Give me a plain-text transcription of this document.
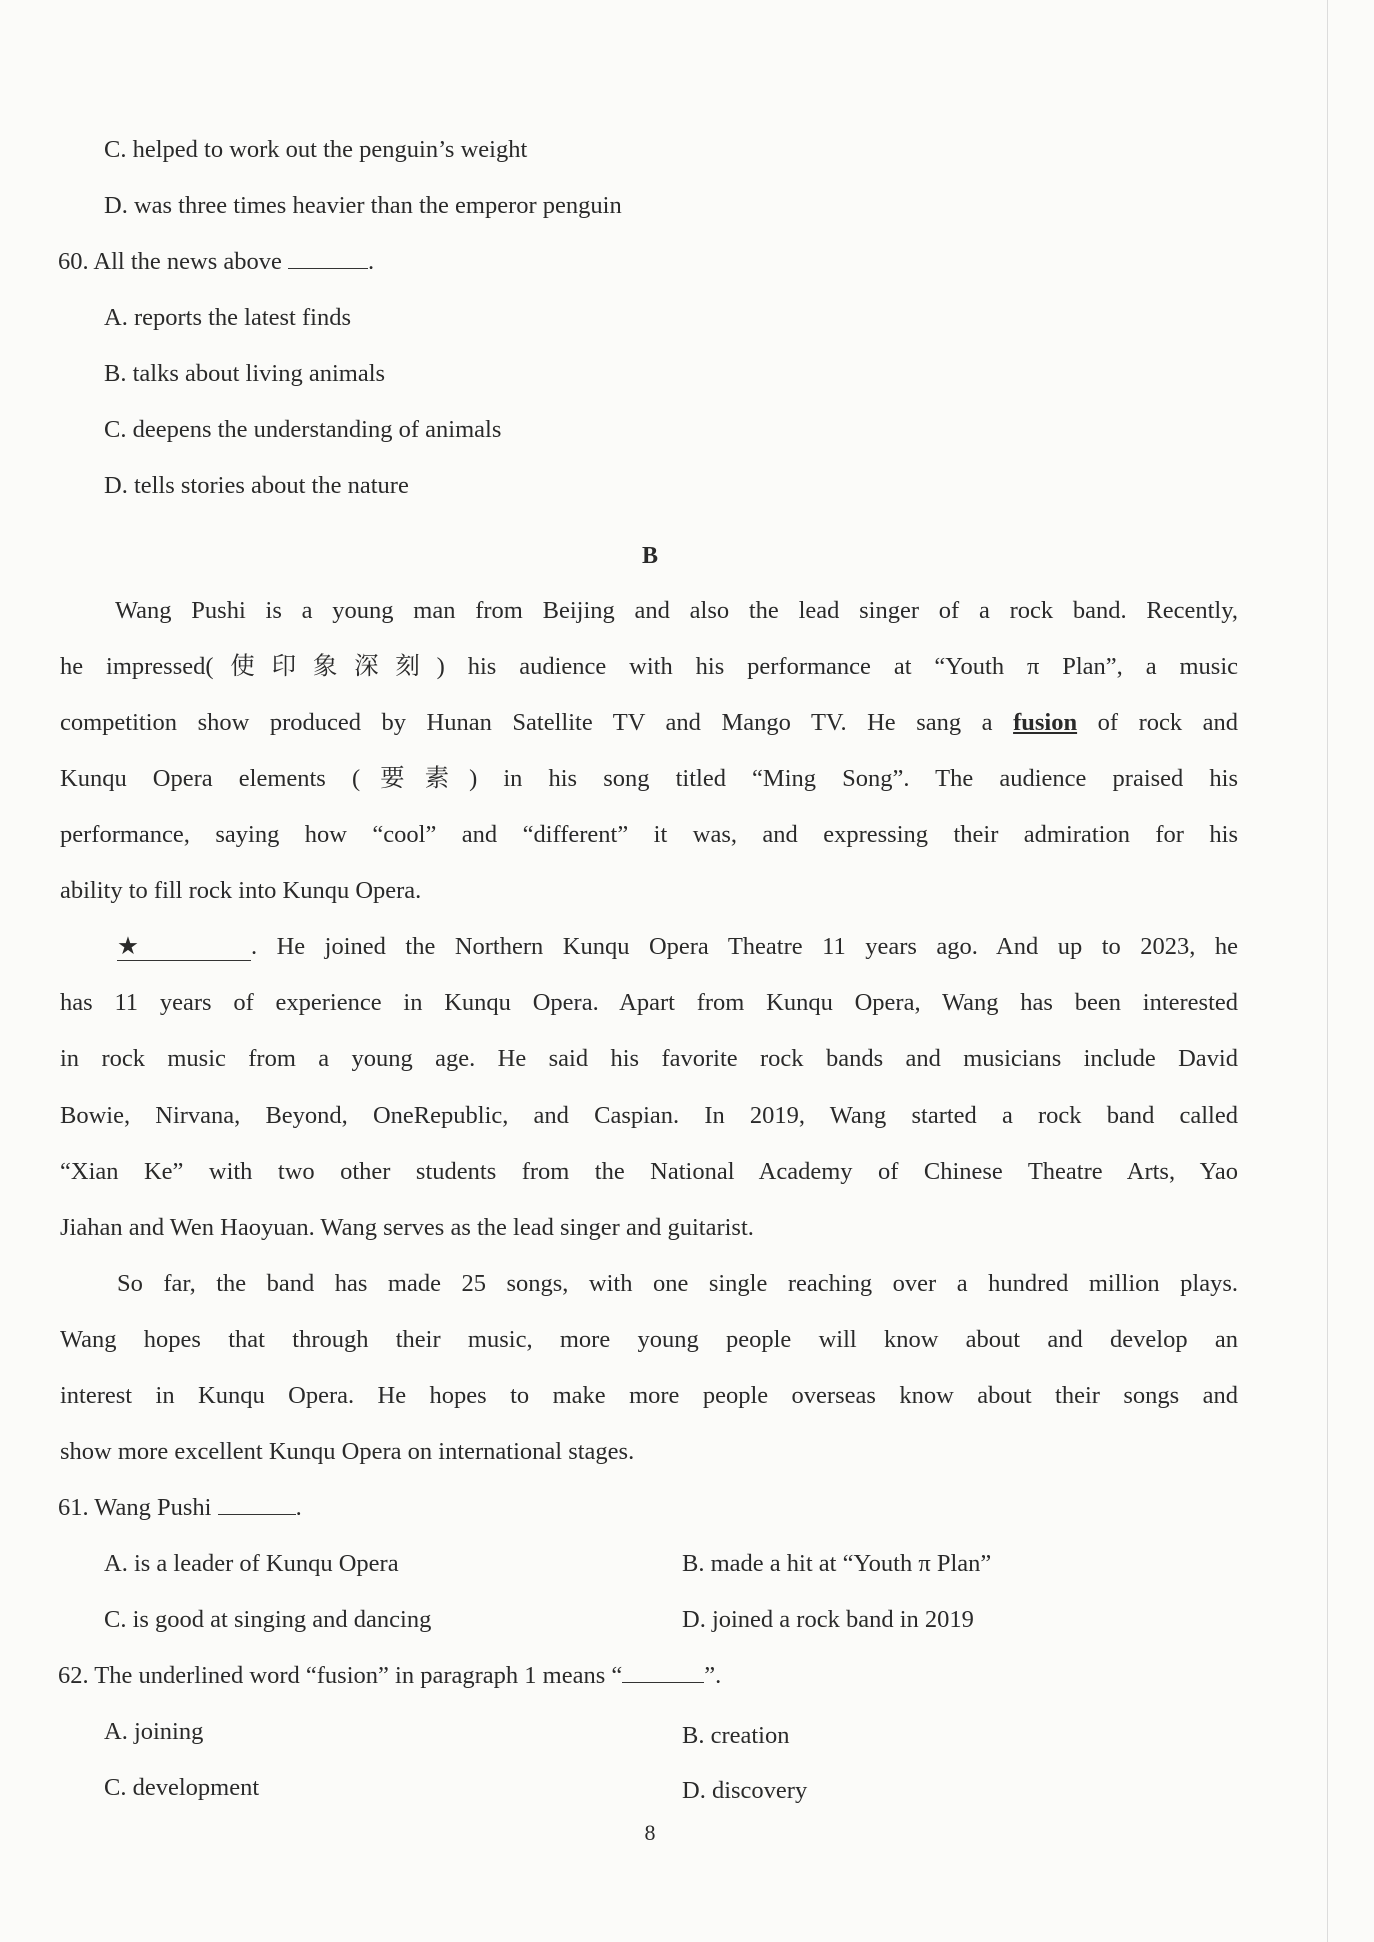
C. helped to work out the penguin’s weight
D. was three times heavier than the emperor penguin
60. All the news above	.
A. reports the latest finds
B. talks about living animals
C. deepens the understanding of animals
D. tells stories about the nature
B
Wang Pushi is a young man from Beijing and also the lead singer of a rock band. Recently,
he impressed(使印象深刻) his audience with his performance at “Youth π Plan”, a music
competition show produced by Hunan Satellite TV and Mango TV. He sang a fusion of rock and
Kunqu Opera elements (要素) in his song titled “Ming Song”. The audience praised his
performance, saying how “cool” and “different” it was, and expressing their admiration for his
ability to fill rock into Kunqu Opera.
★	. He joined the Northern Kunqu Opera Theatre 11 years ago. And up to 2023, he
has 11 years of experience in Kunqu Opera. Apart from Kunqu Opera, Wang has been interested
in rock music from a young age. He said his favorite rock bands and musicians include David
Bowie, Nirvana, Beyond, OneRepublic, and Caspian. In 2019, Wang started a rock band called
“Xian Ke” with two other students from the National Academy of Chinese Theatre Arts, Yao
Jiahan and Wen Haoyuan. Wang serves as the lead singer and guitarist.
So far, the band has made 25 songs, with one single reaching over a hundred million plays.
Wang hopes that through their music, more young people will know about and develop an
interest in Kunqu Opera. He hopes to make more people overseas know about their songs and
show more excellent Kunqu Opera on international stages.
61. Wang Pushi	.
A. is a leader of Kunqu Opera	B. made a hit at “Youth π Plan”
C. is good at singing and dancing	D. joined a rock band in 2019
62. The underlined word “fusion” in paragraph 1 means “	”.
A. joining	B. creation
C. development	D. discovery
8
